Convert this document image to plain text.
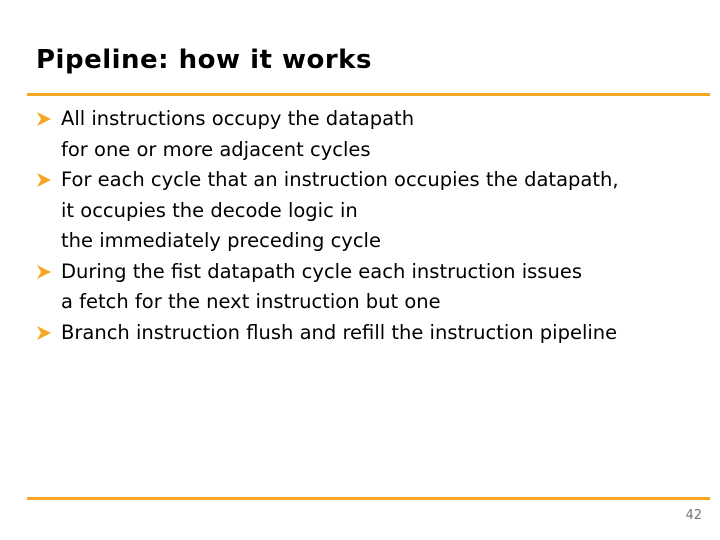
Pipeline: how it works
All instructions occupy the datapath
for one or more adjacent cycles
For each cycle that an instruction occupies the datapath,
it occupies the decode logic in
the immediately preceding cycle
During the fist datapath cycle each instruction issues
a fetch for the next instruction but one
Branch instruction flush and refill the instruction pipeline
42
